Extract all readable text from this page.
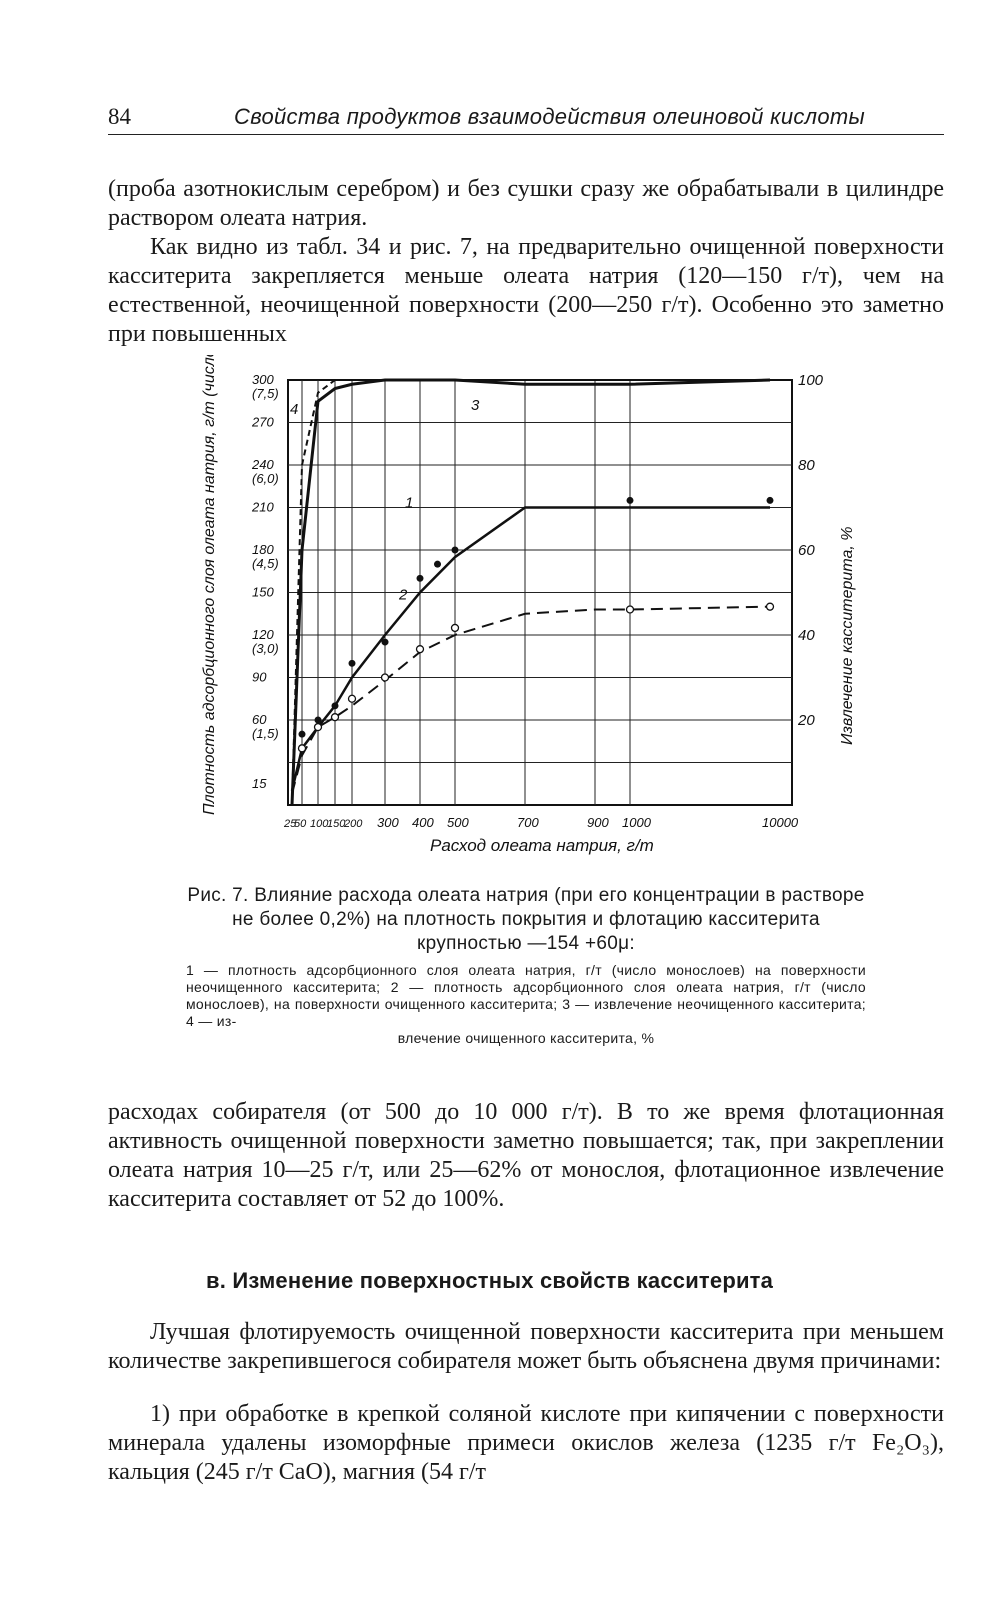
84	Свойства продуктов взаимодействия олеиновой кислоты

(проба азотнокислым серебром) и без сушки сразу же обрабатывали в цилиндре раствором олеата натрия.

Как видно из табл. 34 и рис. 7, на предварительно очищенной поверхности касситерита закрепляется меньше олеата натрия (120—150 г/т), чем на естественной, неочищенной поверхности (200—250 г/т). Особенно это заметно при повышенных

25
50 100
150
200 300 400 500	700	900 1000	10000
300
(7,5)
270
240
(6,0)
210
180
(4,5)
150
120
(3,0)
90
60
(1,5)
15
100
80
60
40
20
Расход олеата натрия, г/т
Плотность адсорбционного слоя олеата натрия, г/т (число монослоев)	Извлечение касситерита, %
1
2
3
4
Рис. 7. Влияние расхода олеата натрия (при его концентрации в растворе не более 0,2%) на плотность покрытия и флотацию касситерита крупностью —154 +60μ:
1 — плотность адсорбционного слоя олеата натрия, г/т (число монослоев) на поверхности неочищенного касситерита; 2 — плотность адсорбционного слоя олеата натрия, г/т (число монослоев), на поверхности очищенного касситерита; 3 — извлечение неочищенного касситерита; 4 — из-
влечение очищенного касситерита, %

расходах собирателя (от 500 до 10 000 г/т). В то же время флотационная активность очищенной поверхности заметно повышается; так, при закреплении олеата натрия 10—25 г/т, или 25—62% от монослоя, флотационное извлечение касситерита составляет от 52 до 100%.

в. Изменение поверхностных свойств касситерита

Лучшая флотируемость очищенной поверхности касситерита при меньшем количестве закрепившегося собирателя может быть объяснена двумя причинами:

1) при обработке в крепкой соляной кислоте при кипячении с поверхности минерала удалены изоморфные примеси окислов железа (1235 г/т Fe₂O₃), кальция (245 г/т CaO), магния (54 г/т
